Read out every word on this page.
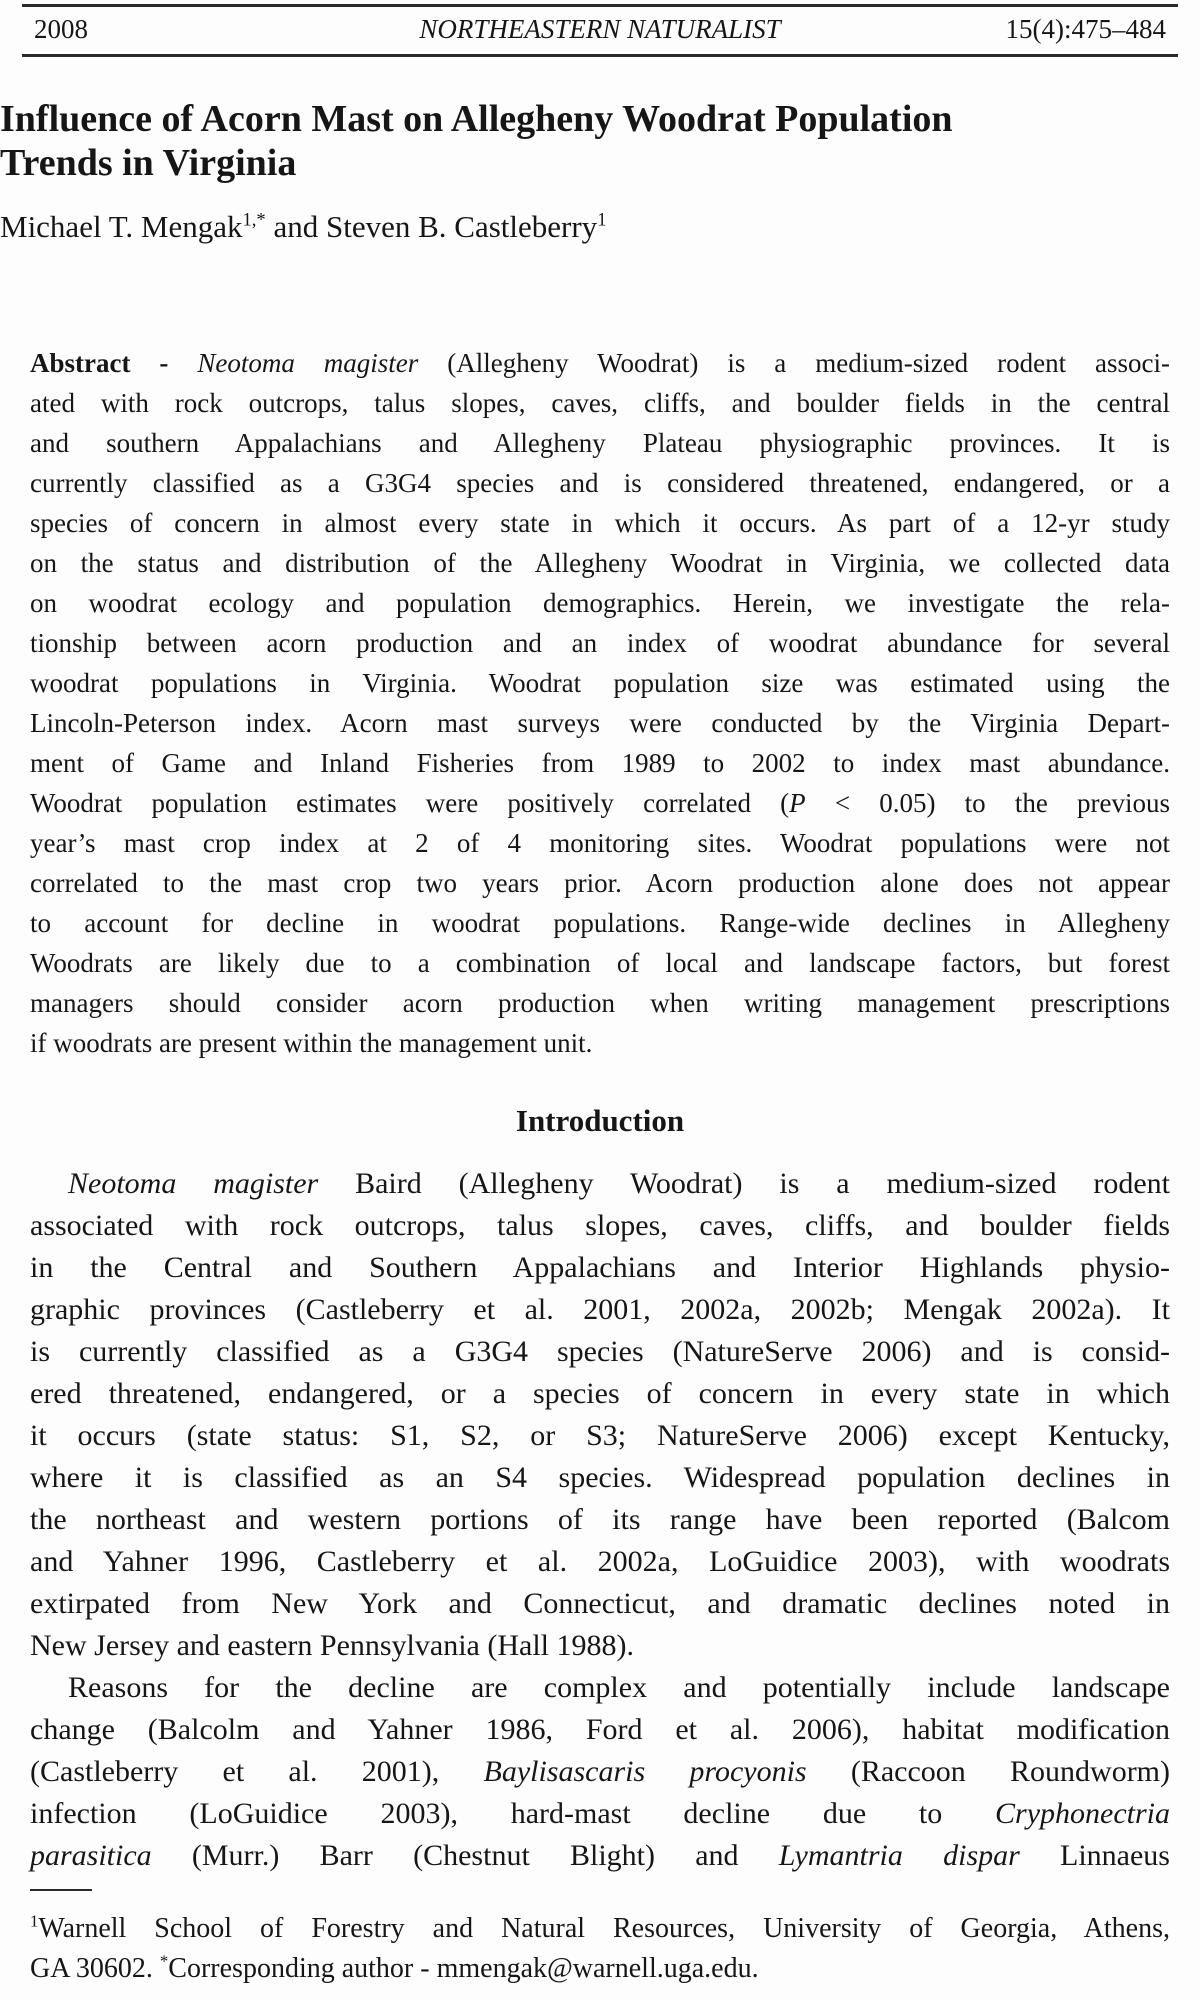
2008	NORTHEASTERN NATURALIST	15(4):475–484
Influence of Acorn Mast on Allegheny Woodrat Population
Trends in Virginia
Michael T. Mengak$^{1,*}$ and Steven B. Castleberry$^1$
Abstract - Neotoma magister (Allegheny Woodrat) is a medium-sized rodent associ-
ated with rock outcrops, talus slopes, caves, cliffs, and boulder fields in the central
and southern Appalachians and Allegheny Plateau physiographic provinces. It is
currently classified as a G3G4 species and is considered threatened, endangered, or a
species of concern in almost every state in which it occurs. As part of a 12-yr study
on the status and distribution of the Allegheny Woodrat in Virginia, we collected data
on woodrat ecology and population demographics. Herein, we investigate the rela-
tionship between acorn production and an index of woodrat abundance for several
woodrat populations in Virginia. Woodrat population size was estimated using the
Lincoln-Peterson index. Acorn mast surveys were conducted by the Virginia Depart-
ment of Game and Inland Fisheries from 1989 to 2002 to index mast abundance.
Woodrat population estimates were positively correlated (P < 0.05) to the previous
year’s mast crop index at 2 of 4 monitoring sites. Woodrat populations were not
correlated to the mast crop two years prior. Acorn production alone does not appear
to account for decline in woodrat populations. Range-wide declines in Allegheny
Woodrats are likely due to a combination of local and landscape factors, but forest
managers should consider acorn production when writing management prescriptions
if woodrats are present within the management unit.
Introduction
Neotoma magister Baird (Allegheny Woodrat) is a medium-sized rodent
associated with rock outcrops, talus slopes, caves, cliffs, and boulder fields
in the Central and Southern Appalachians and Interior Highlands physio-
graphic provinces (Castleberry et al. 2001, 2002a, 2002b; Mengak 2002a). It
is currently classified as a G3G4 species (NatureServe 2006) and is consid-
ered threatened, endangered, or a species of concern in every state in which
it occurs (state status: S1, S2, or S3; NatureServe 2006) except Kentucky,
where it is classified as an S4 species. Widespread population declines in
the northeast and western portions of its range have been reported (Balcom
and Yahner 1996, Castleberry et al. 2002a, LoGuidice 2003), with woodrats
extirpated from New York and Connecticut, and dramatic declines noted in
New Jersey and eastern Pennsylvania (Hall 1988).
Reasons for the decline are complex and potentially include landscape
change (Balcolm and Yahner 1986, Ford et al. 2006), habitat modification
(Castleberry et al. 2001), Baylisascaris procyonis (Raccoon Roundworm)
infection (LoGuidice 2003), hard-mast decline due to Cryphonectria
parasitica (Murr.) Barr (Chestnut Blight) and Lymantria dispar Linnaeus
$^1$Warnell School of Forestry and Natural Resources, University of Georgia, Athens,
GA 30602. *Corresponding author - mmengak@warnell.uga.edu.
